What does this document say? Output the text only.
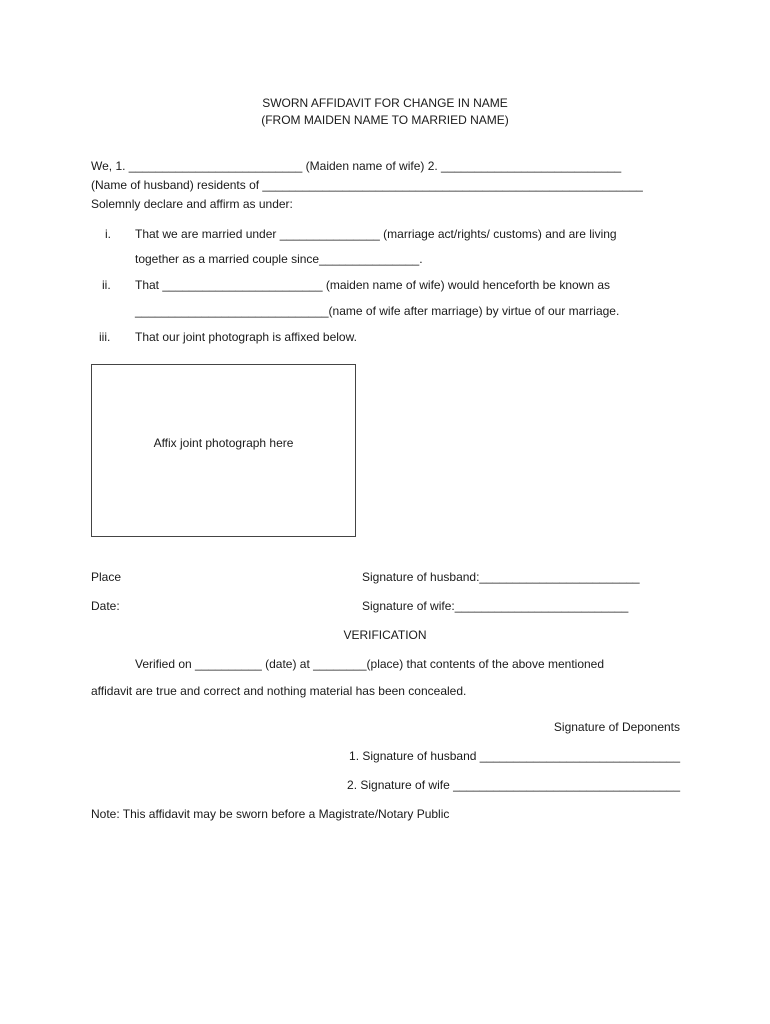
SWORN AFFIDAVIT FOR CHANGE IN NAME
(FROM MAIDEN NAME TO MARRIED NAME)
We, 1. __________________________ (Maiden name of wife) 2. ___________________________
(Name of husband) residents of _________________________________________________________
Solemnly declare and affirm as under:
i. That we are married under _______________ (marriage act/rights/ customs) and are living
together as a married couple since_______________.
ii. That ________________________ (maiden name of wife) would henceforth be known as
_____________________________(name of wife after marriage) by virtue of our marriage.
iii. That our joint photograph is affixed below.
Affix joint photograph here
Place	Signature of husband:________________________
Date:	Signature of wife:__________________________
VERIFICATION
Verified on __________ (date) at ________(place) that contents of the above mentioned
affidavit are true and correct and nothing material has been concealed.
Signature of Deponents
1. Signature of husband ______________________________
2. Signature of wife __________________________________
Note: This affidavit may be sworn before a Magistrate/Notary Public
